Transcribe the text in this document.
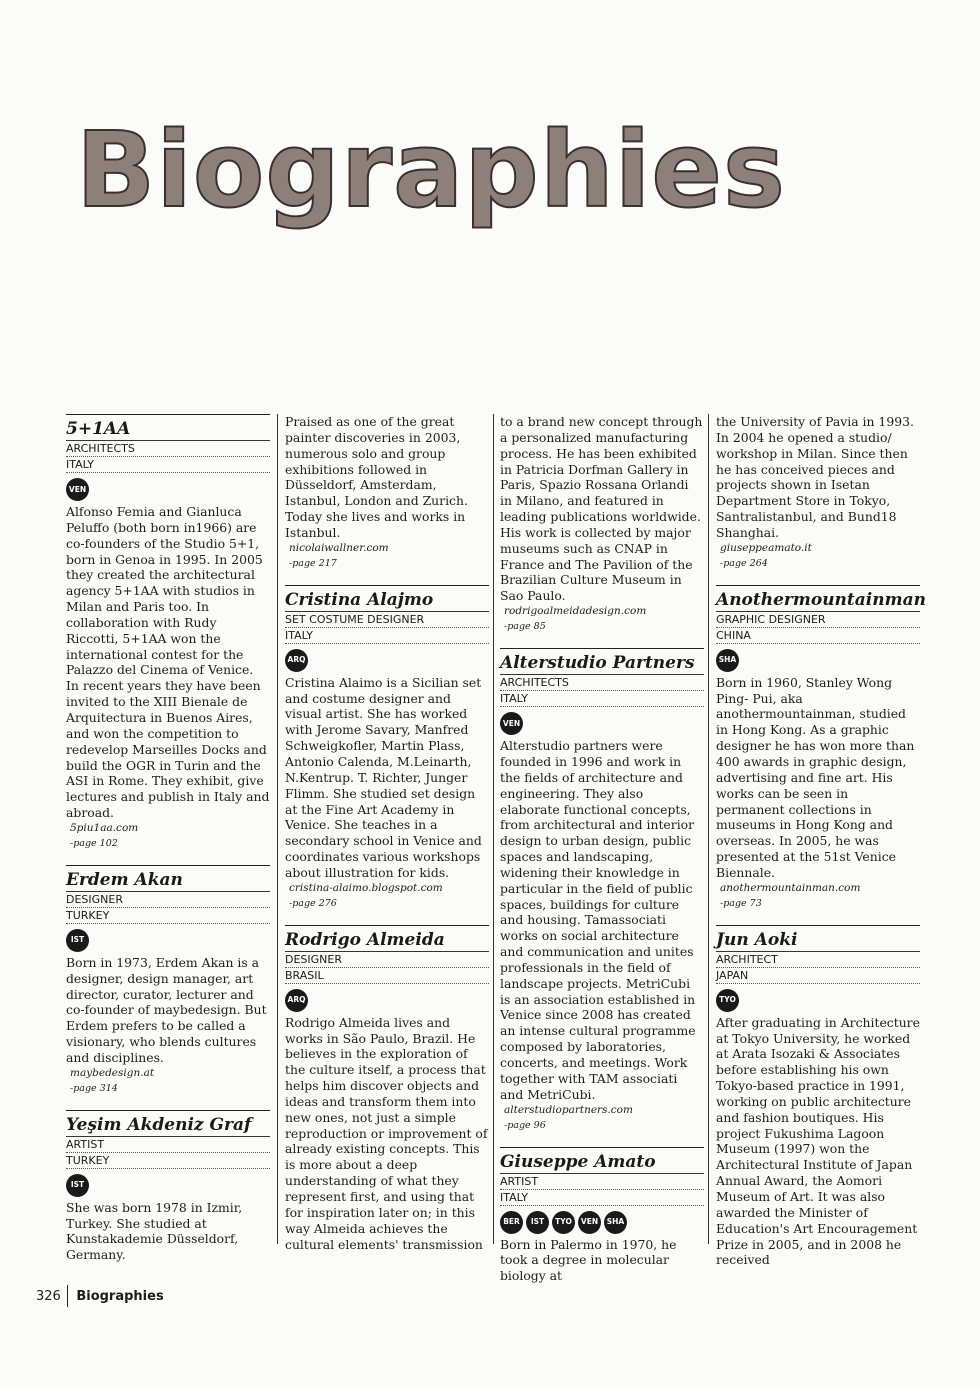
Biographies
5+1AA
ARCHITECTS
ITALY
VEN

Alfonso Femia and Gianluca Peluffo (both born in1966) are co-founders of the Studio 5+1, born in Genoa in 1995. In 2005 they created the architectural agency 5+1AA with studios in Milan and Paris too. In collaboration with Rudy Riccotti, 5+1AA won the international contest for the Palazzo del Cinema of Venice. In recent years they have been invited to the XIII Bienale de Arquitectura in Buenos Aires, and won the competition to redevelop Marseilles Docks and build the OGR in Turin and the ASI in Rome. They exhibit, give lectures and publish in Italy and abroad.

5piu1aa.com
-page 102
Erdem Akan
DESIGNER
TURKEY
IST

Born in 1973, Erdem Akan is a designer, design manager, art director, curator, lecturer and co-founder of maybedesign. But Erdem prefers to be called a visionary, who blends cultures and disciplines.

maybedesign.at
-page 314
Yeşim Akdeniz Graf
ARTIST
TURKEY
IST

She was born 1978 in Izmir, Turkey. She studied at Kunstakademie Düsseldorf, Germany.

Praised as one of the great painter discoveries in 2003, numerous solo and group exhibitions followed in Düsseldorf, Amsterdam, Istanbul, London and Zurich. Today she lives and works in Istanbul.

nicolaiwallner.com
-page 217
Cristina Alajmo
SET COSTUME DESIGNER
ITALY
ARQ

Cristina Alaimo is a Sicilian set and costume designer and visual artist. She has worked with Jerome Savary, Manfred Schweigkofler, Martin Plass, Antonio Calenda, M.Leinarth, N.Kentrup. T. Richter, Junger Flimm. She studied set design at the Fine Art Academy in Venice. She teaches in a secondary school in Venice and coordinates various workshops about illustration for kids.

cristina-alaimo.blogspot.com
-page 276
Rodrigo Almeida
DESIGNER
BRASIL
ARQ

Rodrigo Almeida lives and works in São Paulo, Brazil. He believes in the exploration of the culture itself, a process that helps him discover objects and ideas and transform them into new ones, not just a simple reproduction or improvement of already existing concepts. This is more about a deep understanding of what they represent first, and using that for inspiration later on; in this way Almeida achieves the cultural elements' transmission

to a brand new concept through a personalized manufacturing process. He has been exhibited in Patricia Dorfman Gallery in Paris, Spazio Rossana Orlandi in Milano, and featured in leading publications worldwide. His work is collected by major museums such as CNAP in France and The Pavilion of the Brazilian Culture Museum in Sao Paulo.

rodrigoalmeidadesign.com
-page 85
Alterstudio Partners
ARCHITECTS
ITALY
VEN

Alterstudio partners were founded in 1996 and work in the fields of architecture and engineering. They also elaborate functional concepts, from architectural and interior design to urban design, public spaces and landscaping, widening their knowledge in particular in the field of public spaces, buildings for culture and housing. Tamassociati works on social architecture and communication and unites professionals in the field of landscape projects. MetriCubi is an association established in Venice since 2008 has created an intense cultural programme composed by laboratories, concerts, and meetings. Work together with TAM associati and MetriCubi.

alterstudiopartners.com
-page 96
Giuseppe Amato
ARTIST
ITALY
BER	IST	TYO	VEN	SHA

Born in Palermo in 1970, he took a degree in molecular biology at

the University of Pavia in 1993. In 2004 he opened a studio/ workshop in Milan. Since then he has conceived pieces and projects shown in Isetan Department Store in Tokyo, Santralistanbul, and Bund18 Shanghai.

giuseppeamato.it
-page 264
Anothermountainman
GRAPHIC DESIGNER
CHINA
SHA

Born in 1960, Stanley Wong Ping- Pui, aka anothermountainman, studied in Hong Kong. As a graphic designer he has won more than 400 awards in graphic design, advertising and fine art. His works can be seen in permanent collections in museums in Hong Kong and overseas. In 2005, he was presented at the 51st Venice Biennale.

anothermountainman.com
-page 73
Jun Aoki
ARCHITECT
JAPAN
TYO

After graduating in Architecture at Tokyo University, he worked at Arata Isozaki & Associates before establishing his own Tokyo-based practice in 1991, working on public architecture and fashion boutiques. His project Fukushima Lagoon Museum (1997) won the Architectural Institute of Japan Annual Award, the Aomori Museum of Art. It was also awarded the Minister of Education's Art Encouragement Prize in 2005, and in 2008 he received

326	Biographies
